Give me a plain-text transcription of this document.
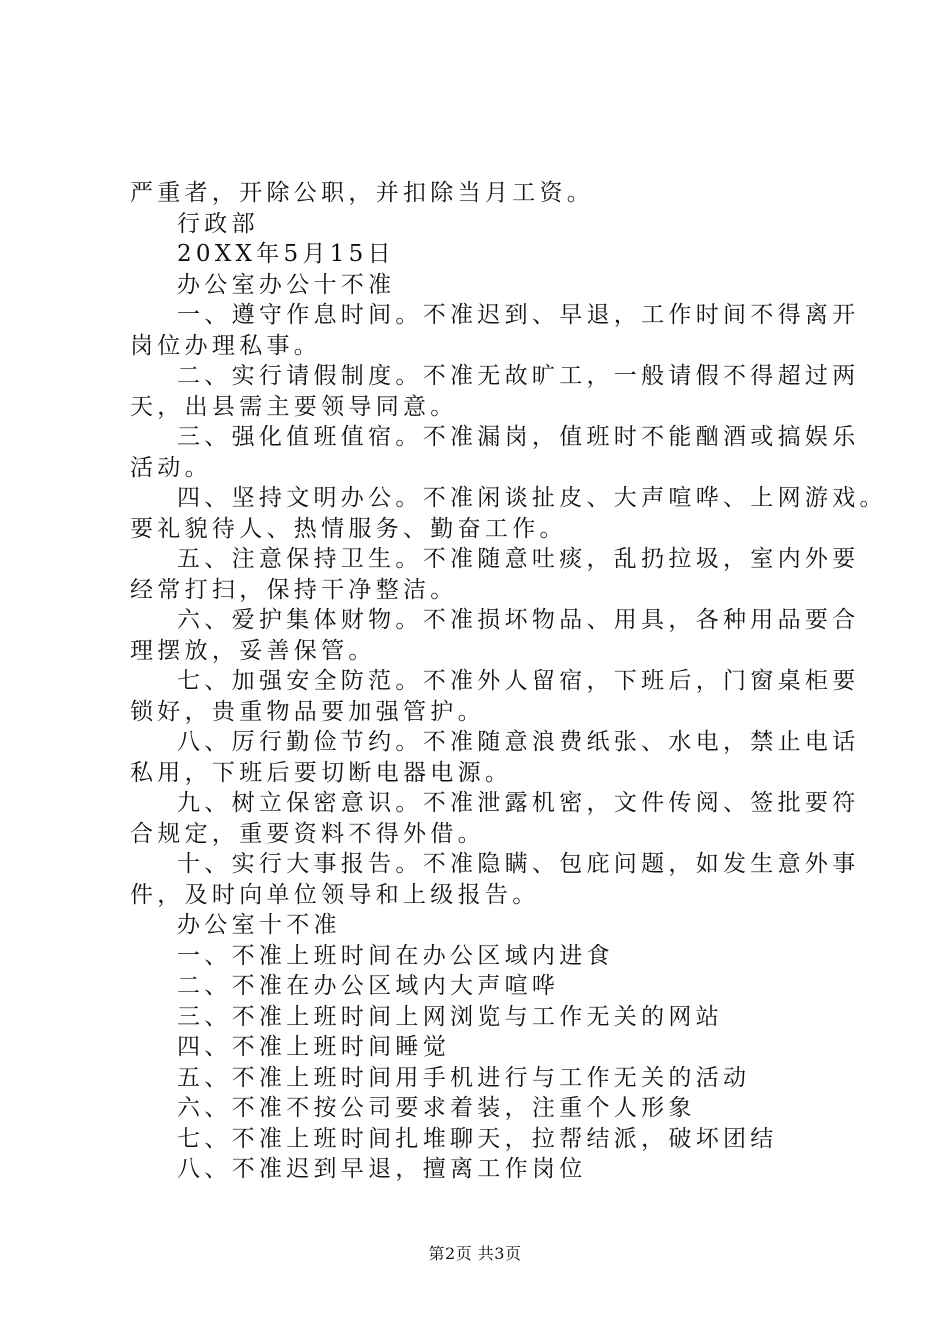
严重者，开除公职，并扣除当月工资。
行政部
20XX年5月15日
办公室办公十不准
一、遵守作息时间。不准迟到、早退，工作时间不得离开
岗位办理私事。
二、实行请假制度。不准无故旷工，一般请假不得超过两
天，出县需主要领导同意。
三、强化值班值宿。不准漏岗，值班时不能酗酒或搞娱乐
活动。
四、坚持文明办公。不准闲谈扯皮、大声喧哗、上网游戏。
要礼貌待人、热情服务、勤奋工作。
五、注意保持卫生。不准随意吐痰，乱扔拉圾，室内外要
经常打扫，保持干净整洁。
六、爱护集体财物。不准损坏物品、用具，各种用品要合
理摆放，妥善保管。
七、加强安全防范。不准外人留宿，下班后，门窗桌柜要
锁好，贵重物品要加强管护。
八、厉行勤俭节约。不准随意浪费纸张、水电，禁止电话
私用，下班后要切断电器电源。
九、树立保密意识。不准泄露机密，文件传阅、签批要符
合规定，重要资料不得外借。
十、实行大事报告。不准隐瞒、包庇问题，如发生意外事
件，及时向单位领导和上级报告。
办公室十不准
一、不准上班时间在办公区域内进食
二、不准在办公区域内大声喧哗
三、不准上班时间上网浏览与工作无关的网站
四、不准上班时间睡觉
五、不准上班时间用手机进行与工作无关的活动
六、不准不按公司要求着装，注重个人形象
七、不准上班时间扎堆聊天，拉帮结派，破坏团结
八、不准迟到早退，擅离工作岗位
第2页 共3页
